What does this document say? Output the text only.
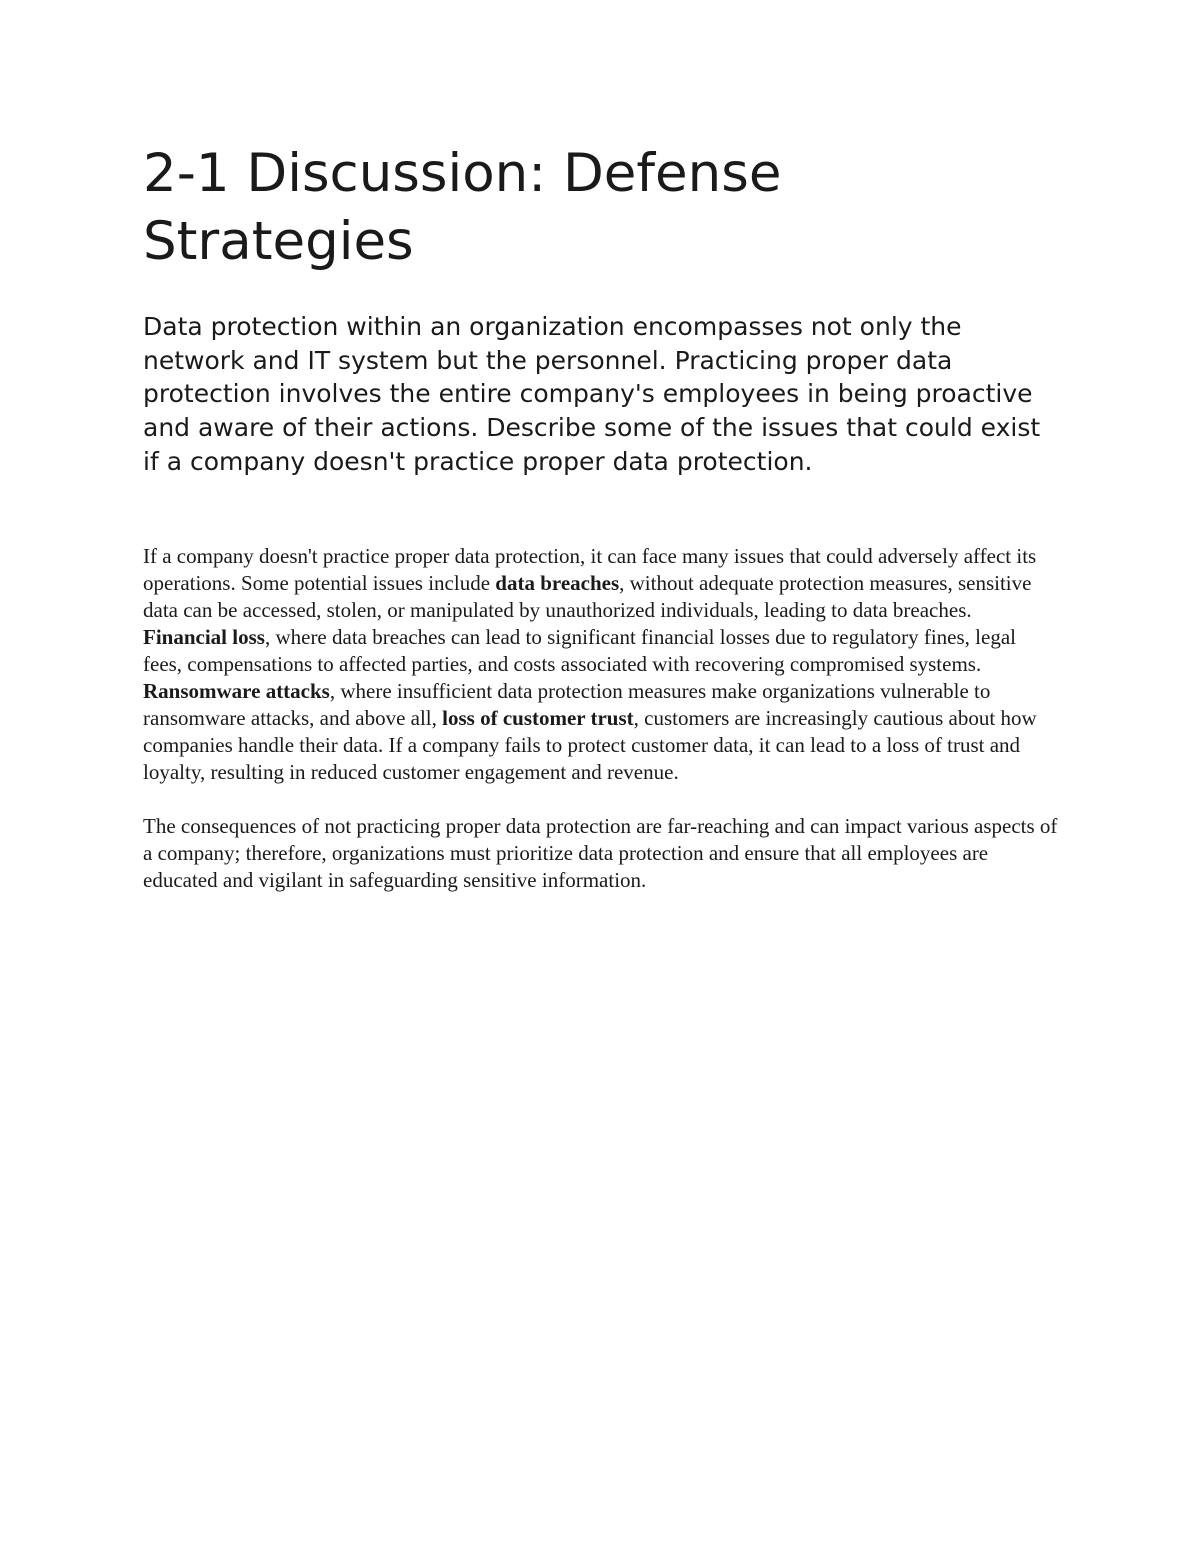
2-1 Discussion: Defense Strategies

Data protection within an organization encompasses not only the network and IT system but the personnel. Practicing proper data protection involves the entire company's employees in being proactive and aware of their actions. Describe some of the issues that could exist if a company doesn't practice proper data protection.

If a company doesn't practice proper data protection, it can face many issues that could adversely affect its operations. Some potential issues include data breaches, without adequate protection measures, sensitive data can be accessed, stolen, or manipulated by unauthorized individuals, leading to data breaches. Financial loss, where data breaches can lead to significant financial losses due to regulatory fines, legal fees, compensations to affected parties, and costs associated with recovering compromised systems. Ransomware attacks, where insufficient data protection measures make organizations vulnerable to ransomware attacks, and above all, loss of customer trust, customers are increasingly cautious about how companies handle their data. If a company fails to protect customer data, it can lead to a loss of trust and loyalty, resulting in reduced customer engagement and revenue.

The consequences of not practicing proper data protection are far-reaching and can impact various aspects of a company; therefore, organizations must prioritize data protection and ensure that all employees are educated and vigilant in safeguarding sensitive information.
